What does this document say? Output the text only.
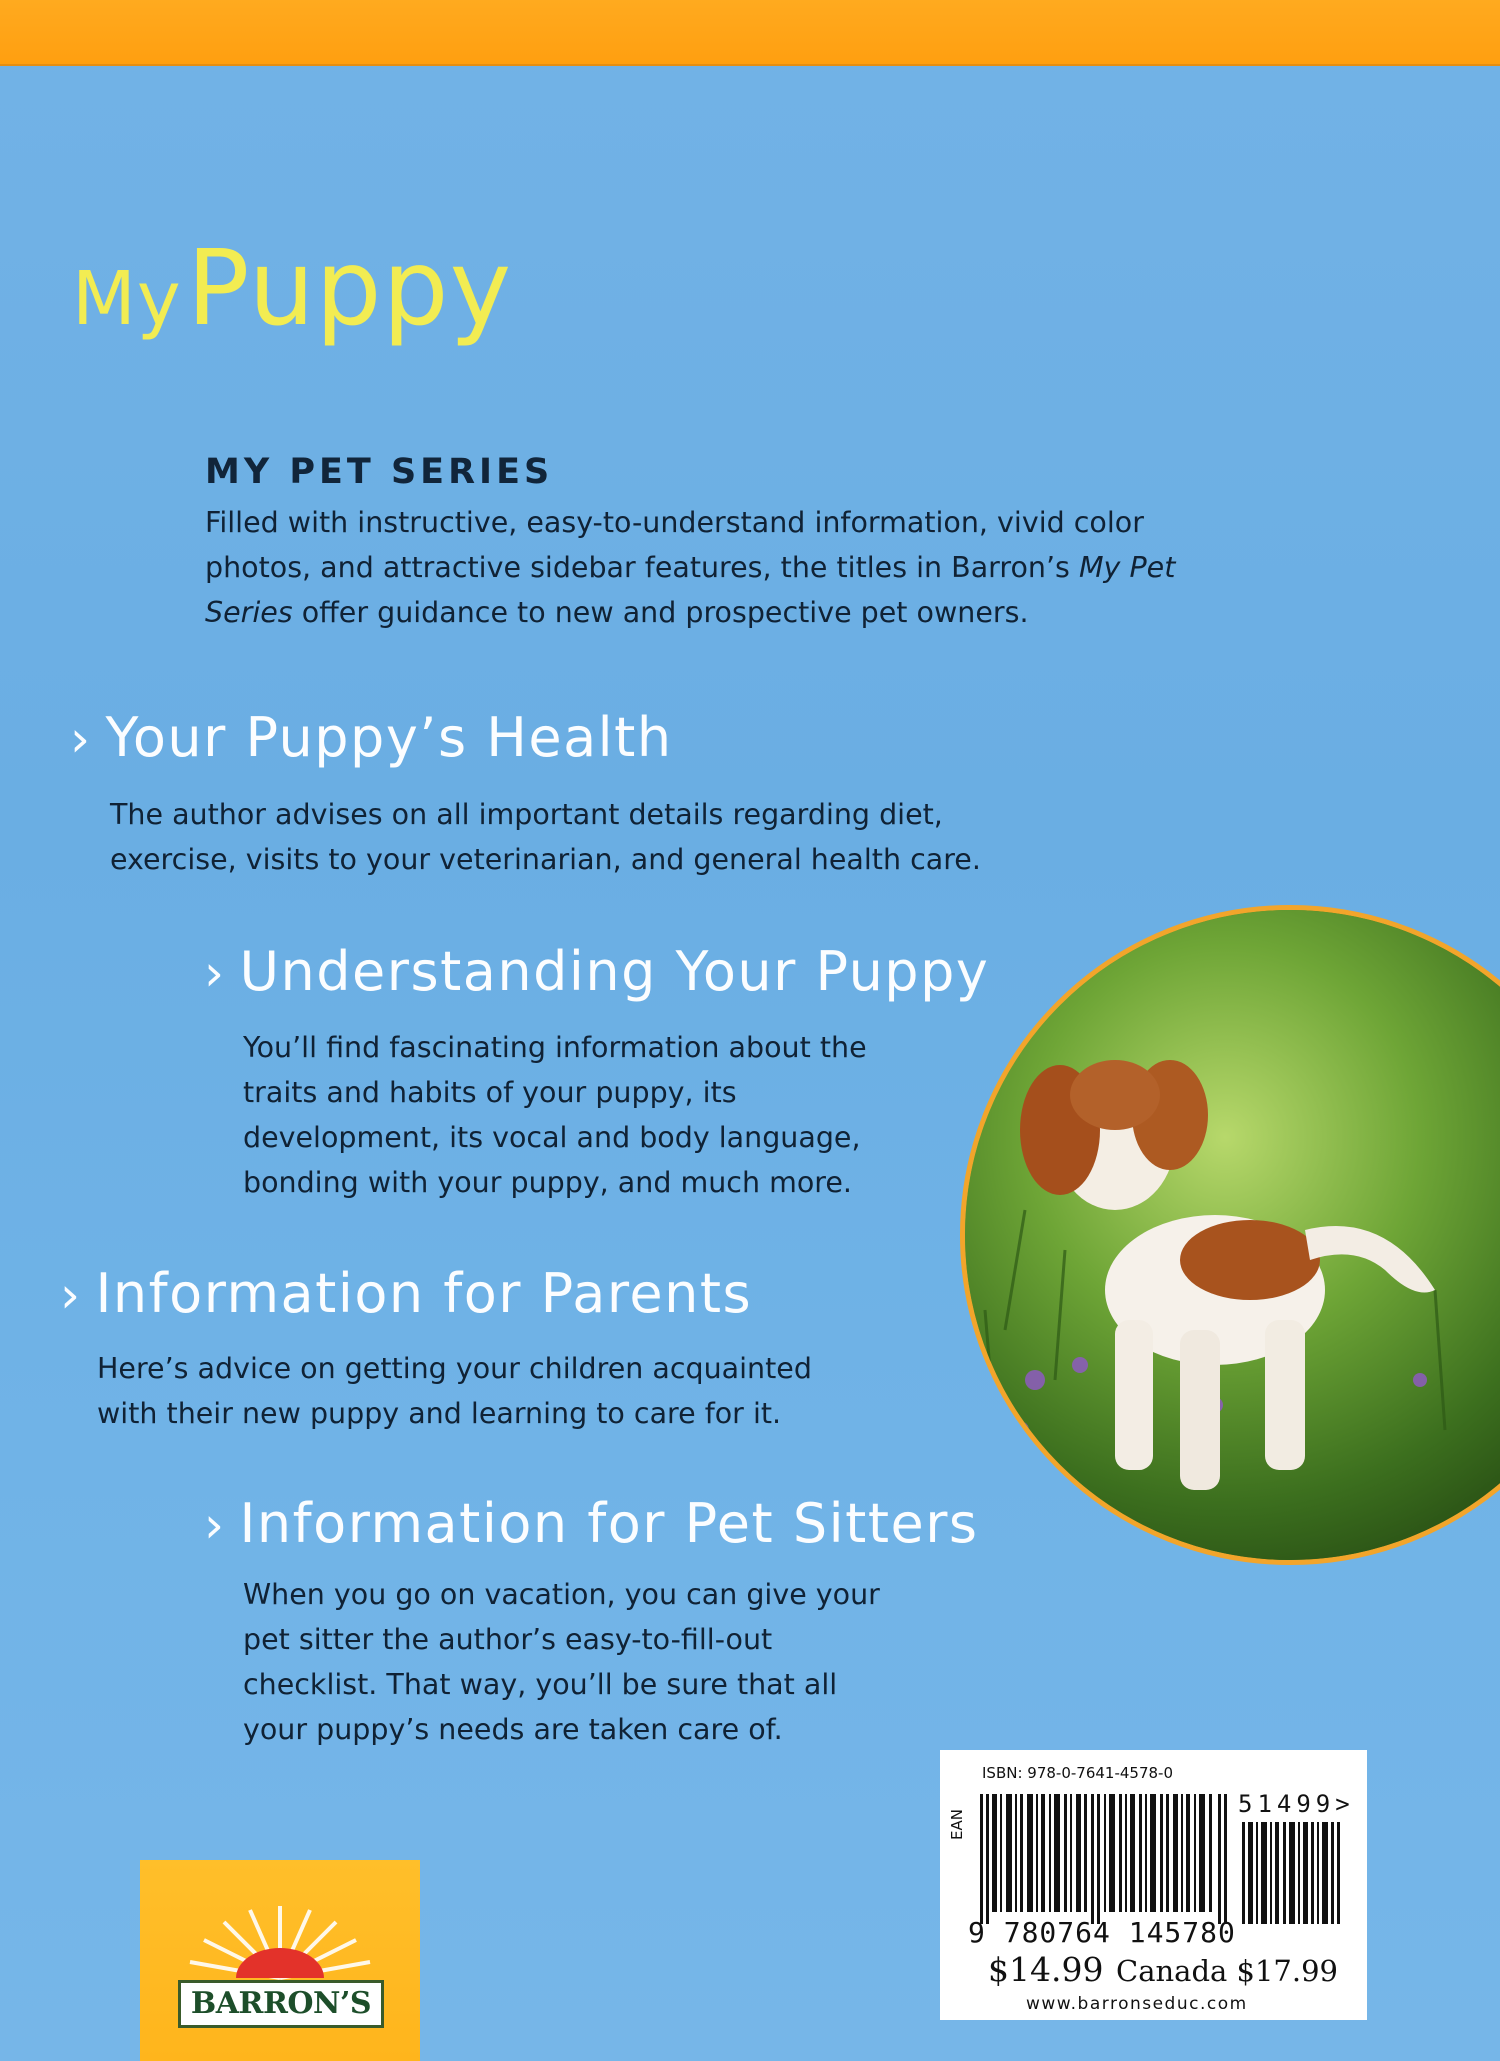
My Puppy
MY PET SERIES
Filled with instructive, easy-to-understand information, vivid color photos, and attractive sidebar features, the titles in Barron’s My Pet Series offer guidance to new and prospective pet owners.
› Your Puppy’s Health
The author advises on all important details regarding diet, exercise, visits to your veterinarian, and general health care.
› Understanding Your Puppy
You’ll find fascinating information about the traits and habits of your puppy, its development, its vocal and body language, bonding with your puppy, and much more.
› Information for Parents
Here’s advice on getting your children acquainted with their new puppy and learning to care for it.
› Information for Pet Sitters
When you go on vacation, you can give your pet sitter the author’s easy-to-fill-out checklist. That way, you’ll be sure that all your puppy’s needs are taken care of.
ISBN: 978-0-7641-4578-0
EAN
51499>
9 780764 145780
$14.99 Canada $17.99
www.barronseduc.com
BARRON’S
